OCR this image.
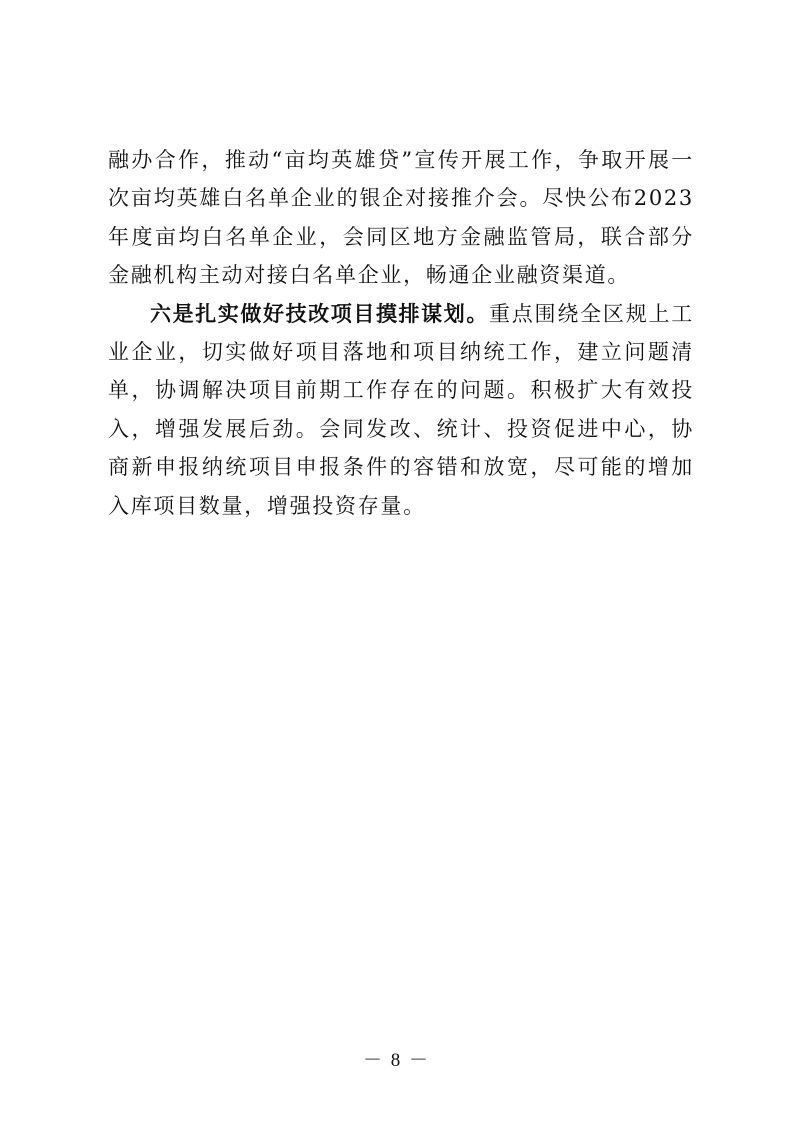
融办合作，推动“亩均英雄贷”宣传开展工作，争取开展一次亩均英雄白名单企业的银企对接推介会。尽快公布2023年度亩均白名单企业，会同区地方金融监管局，联合部分金融机构主动对接白名单企业，畅通企业融资渠道。

六是扎实做好技改项目摸排谋划。重点围绕全区规上工业企业，切实做好项目落地和项目纳统工作，建立问题清单，协调解决项目前期工作存在的问题。积极扩大有效投入，增强发展后劲。会同发改、统计、投资促进中心，协商新申报纳统项目申报条件的容错和放宽，尽可能的增加入库项目数量，增强投资存量。

－ 8 －
